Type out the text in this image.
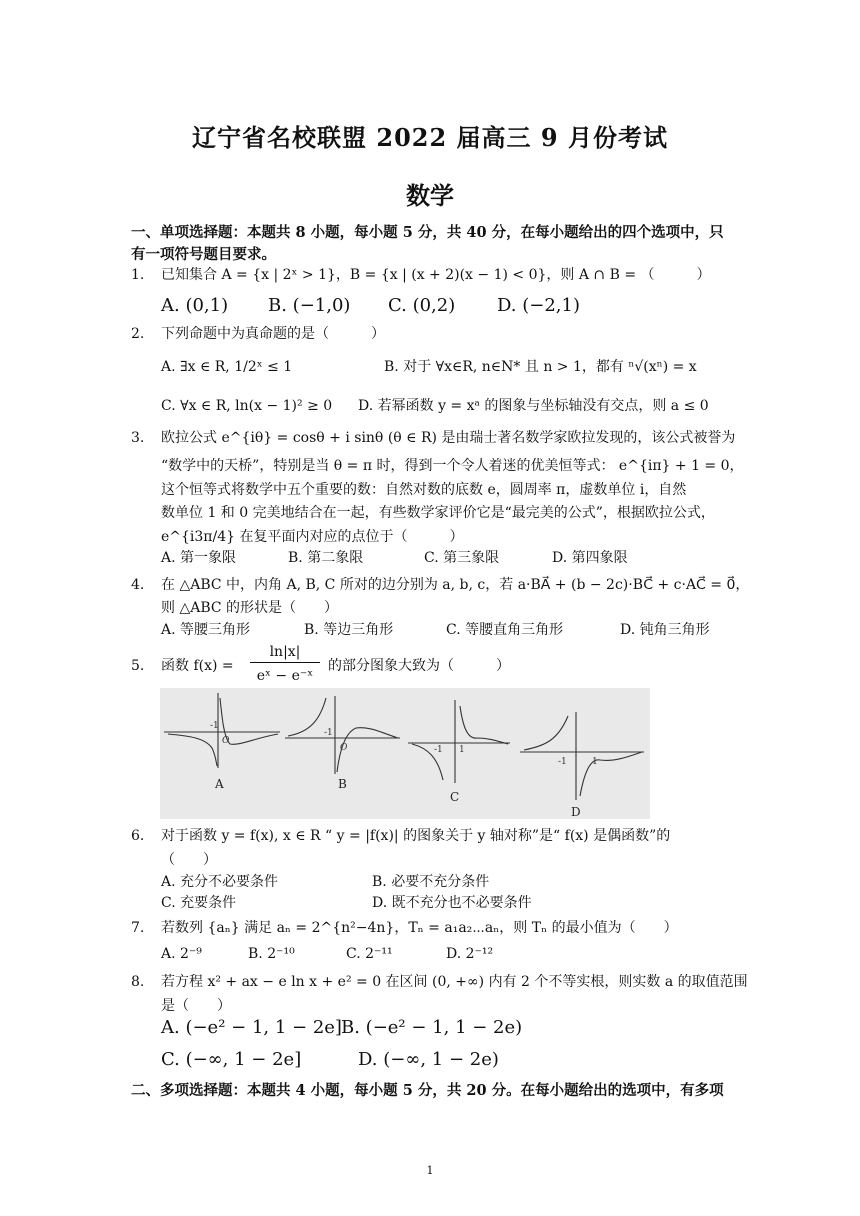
辽宁省名校联盟 2022 届高三 9 月份考试
数学
一、单项选择题：本题共 8 小题，每小题 5 分，共 40 分，在每小题给出的四个选项中，只
有一项符号题目要求。
1. 已知集合 A = {x | 2ˣ > 1}，B = {x | (x + 2)(x − 1) < 0}，则 A ∩ B = （　　　）
A. (0,1) B. (−1,0) C. (0,2) D. (−2,1)
2. 下列命题中为真命题的是（　　　）
A. ∃x ∈ R, 1/2ˣ ≤ 1	B. 对于 ∀x∈R, n∈N* 且 n > 1，都有 ⁿ√(xⁿ) = x
C. ∀x ∈ R, ln(x − 1)² ≥ 0 D. 若幂函数 y = xᵃ 的图象与坐标轴没有交点，则 a ≤ 0
3. 欧拉公式 e^{iθ} = cosθ + i sinθ (θ ∈ R) 是由瑞士著名数学家欧拉发现的，该公式被誉为
“数学中的天桥”，特别是当 θ = π 时，得到一个令人着迷的优美恒等式： e^{iπ} + 1 = 0，
这个恒等式将数学中五个重要的数：自然对数的底数 e，圆周率 π，虚数单位 i，自然
数单位 1 和 0 完美地结合在一起，有些数学家评价它是“最完美的公式”，根据欧拉公式，
e^{i3π/4} 在复平面内对应的点位于（　　　）
A. 第一象限	B. 第二象限	C. 第三象限	D. 第四象限
4. 在 △ABC 中，内角 A, B, C 所对的边分别为 a, b, c，若 a·BA⃗ + (b − 2c)·BC⃗ + c·AC⃗ = 0⃗，
则 △ABC 的形状是（　　）
A. 等腰三角形	B. 等边三角形	C. 等腰直角三角形	D. 钝角三角形
5. 函数 f(x) =
ln|x|
eˣ − e⁻ˣ
的部分图象大致为（　　　）
-1
O
A
-1
O
B
-1 1
C
-1	1
D
6. 对于函数 y = f(x), x ∈ R “ y = |f(x)| 的图象关于 y 轴对称”是“ f(x) 是偶函数”的
（　　）
A. 充分不必要条件	B. 必要不充分条件
C. 充要条件	D. 既不充分也不必要条件
7. 若数列 {aₙ} 满足 aₙ = 2^{n²−4n}，Tₙ = a₁a₂⋯aₙ，则 Tₙ 的最小值为（　　）
A. 2⁻⁹	B. 2⁻¹⁰	C. 2⁻¹¹	D. 2⁻¹²
8. 若方程 x² + ax − e ln x + e² = 0 在区间 (0, +∞) 内有 2 个不等实根，则实数 a 的取值范围
是（　　）
A. (−e² − 1, 1 − 2e] B. (−e² − 1, 1 − 2e)
C. (−∞, 1 − 2e]	D. (−∞, 1 − 2e)
二、多项选择题：本题共 4 小题，每小题 5 分，共 20 分。在每小题给出的选项中，有多项
1
